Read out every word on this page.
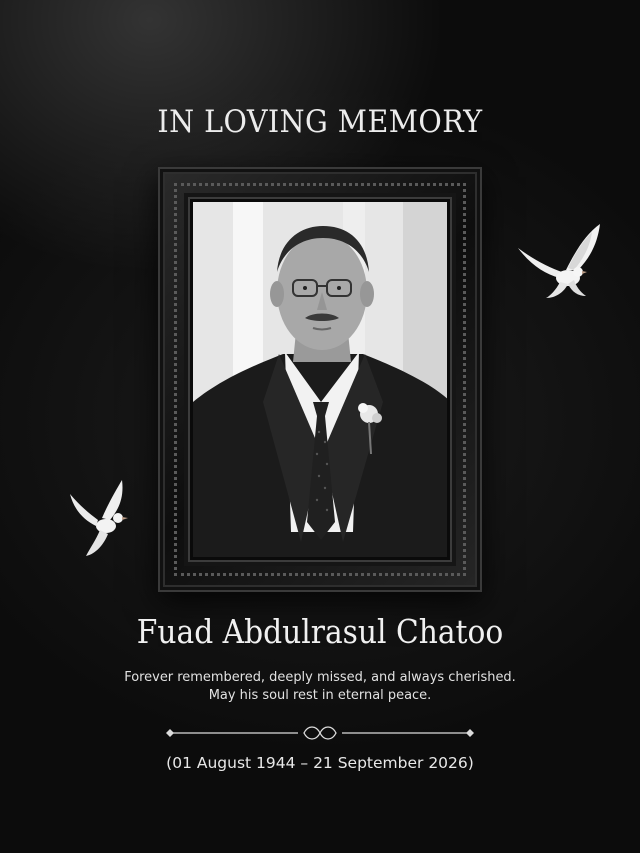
IN LOVING MEMORY
Fuad Abdulrasul Chatoo
Forever remembered, deeply missed, and always cherished.
May his soul rest in eternal peace.
(01 August 1944 – 21 September 2026)
